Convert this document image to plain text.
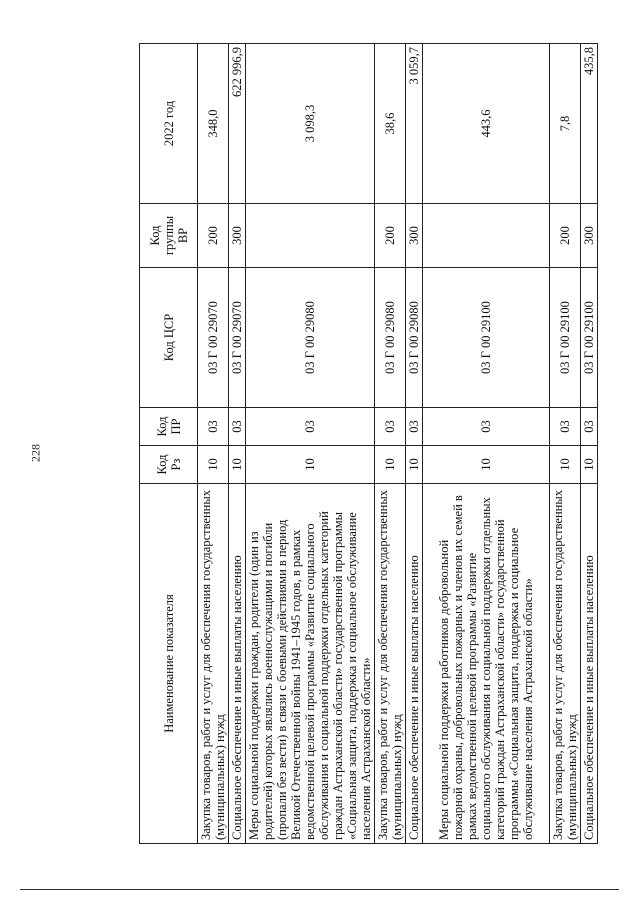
228
Наименование показателя	Код Рз	Код ПР	Код ЦСР	Код группы ВР	2022 год
Закупка товаров, работ и услуг для обеспечения государственных (муниципальных) нужд	10	03	03 Г 00 29070	200	348,0
Социальное обеспечение и иные выплаты населению	10	03	03 Г 00 29070	300	622 996,9
Меры социальной поддержки граждан, родители (один из родителей) которых являлись военнослужащими и погибли (пропали без вести) в связи с боевыми действиями в период Великой Отечественной войны 1941–1945 годов, в рамках ведомственной целевой программы «Развитие социального обслуживания и социальной поддержки отдельных категорий граждан Астраханской области» государственной программы «Социальная защита, поддержка и социальное обслуживание населения Астраханской области»	10	03	03 Г 00 29080		3 098,3
Закупка товаров, работ и услуг для обеспечения государственных (муниципальных) нужд	10	03	03 Г 00 29080	200	38,6
Социальное обеспечение и иные выплаты населению	10	03	03 Г 00 29080	300	3 059,7
Меры социальной поддержки работников добровольной пожарной охраны, добровольных пожарных и членов их семей в рамках ведомственной целевой программы «Развитие социального обслуживания и социальной поддержки отдельных категорий граждан Астраханской области» государственной программы «Социальная защита, поддержка и социальное обслуживание населения Астраханской области»	10	03	03 Г 00 29100		443,6
Закупка товаров, работ и услуг для обеспечения государственных (муниципальных) нужд	10	03	03 Г 00 29100	200	7,8
Социальное обеспечение и иные выплаты населению	10	03	03 Г 00 29100	300	435,8
